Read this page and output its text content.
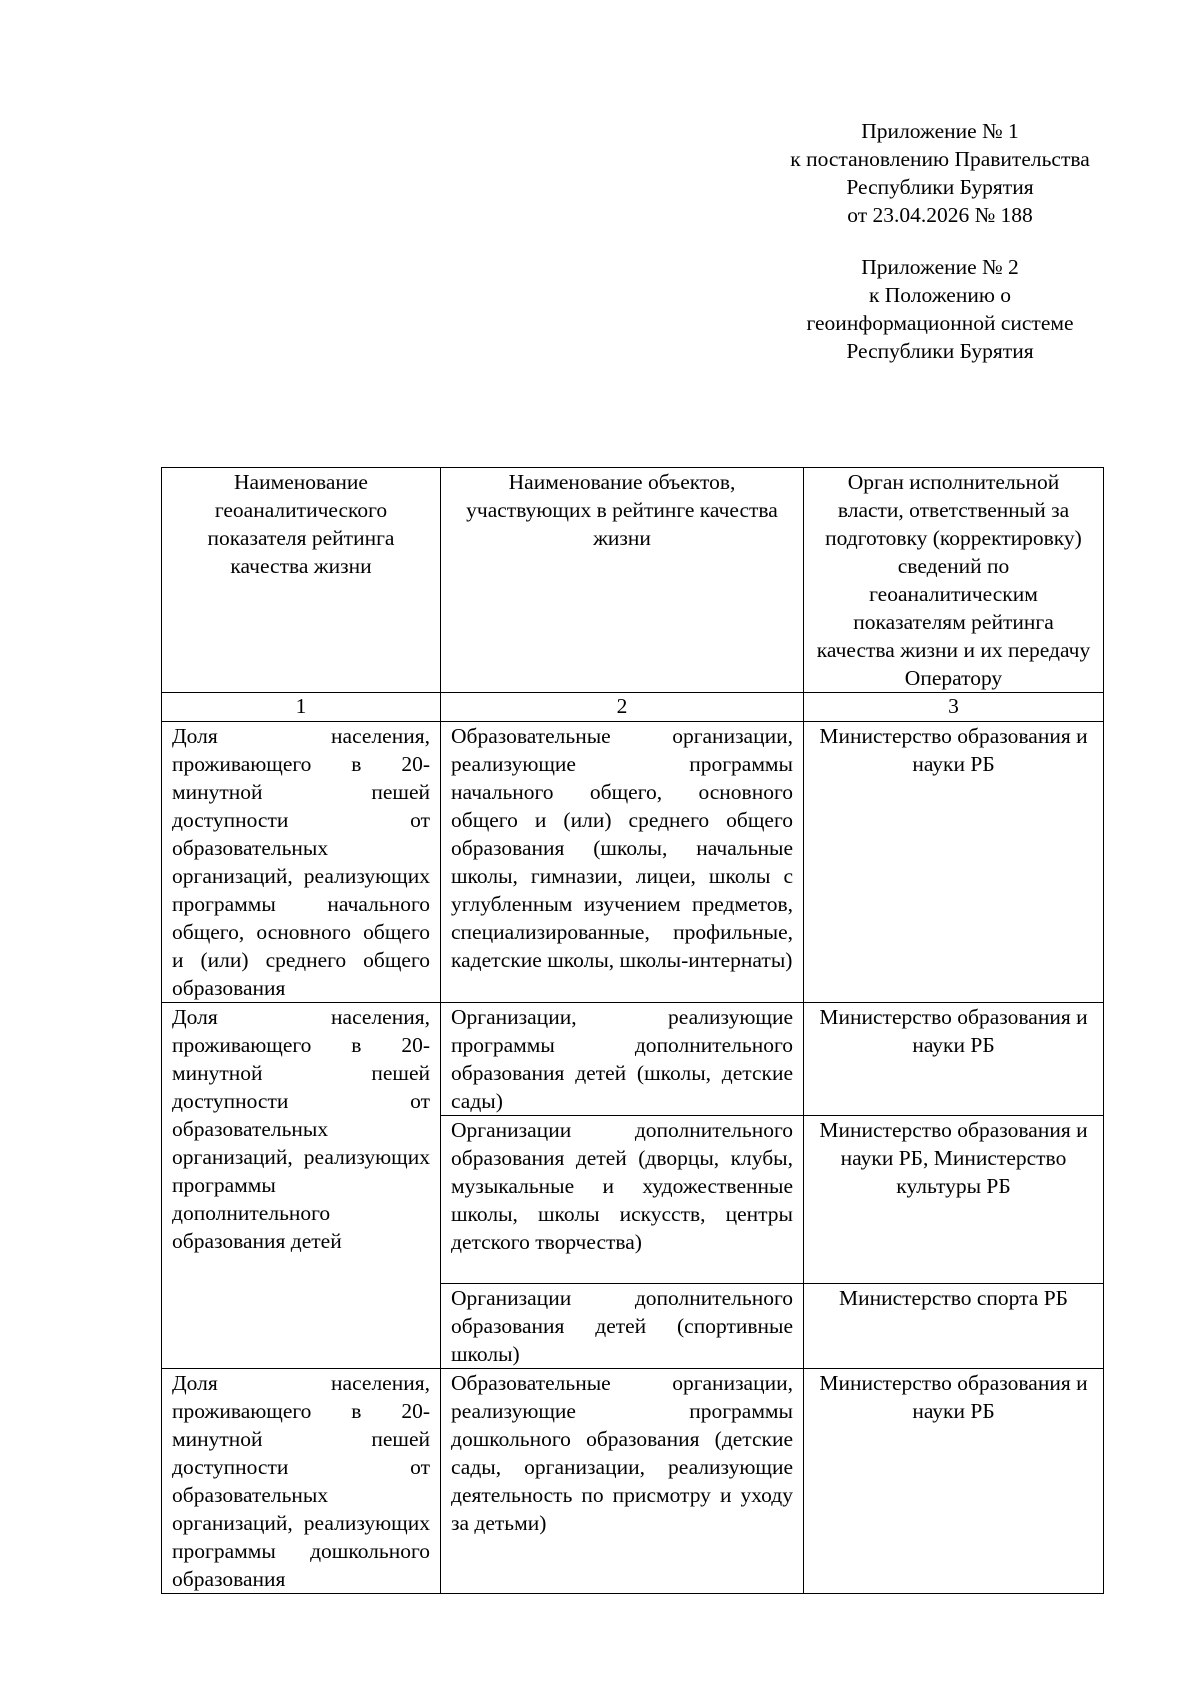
Приложение № 1
к постановлению Правительства
Республики Бурятия
от 23.04.2026 № 188
Приложение № 2
к Положению о
геоинформационной системе
Республики Бурятия
Наименование геоаналитического показателя рейтинга качества жизни	Наименование объектов, участвующих в рейтинге качества жизни	Орган исполнительной власти, ответственный за подготовку (корректировку) сведений по геоаналитическим показателям рейтинга качества жизни и их передачу Оператору
1	2	3
Доля населения, проживающего в 20-минутной пешей доступности от образовательных организаций, реализующих программы начального общего, основного общего и (или) среднего общего образования	Образовательные организации, реализующие программы начального общего, основного общего и (или) среднего общего образования (школы, начальные школы, гимназии, лицеи, школы с углубленным изучением предметов, специализированные, профильные, кадетские школы, школы-интернаты)	Министерство образования и науки РБ
Доля населения, проживающего в 20-минутной пешей доступности от образовательных организаций, реализующих программы дополнительного образования детей	Организации, реализующие программы дополнительного образования детей (школы, детские сады)	Министерство образования и науки РБ
	Организации дополнительного образования детей (дворцы, клубы, музыкальные и художественные школы, школы искусств, центры детского творчества)	Министерство образования и науки РБ, Министерство культуры РБ
	Организации дополнительного образования детей (спортивные школы)	Министерство спорта РБ
Доля населения, проживающего в 20-минутной пешей доступности от образовательных организаций, реализующих программы дошкольного образования	Образовательные организации, реализующие программы дошкольного образования (детские сады, организации, реализующие деятельность по присмотру и уходу за детьми)	Министерство образования и науки РБ
